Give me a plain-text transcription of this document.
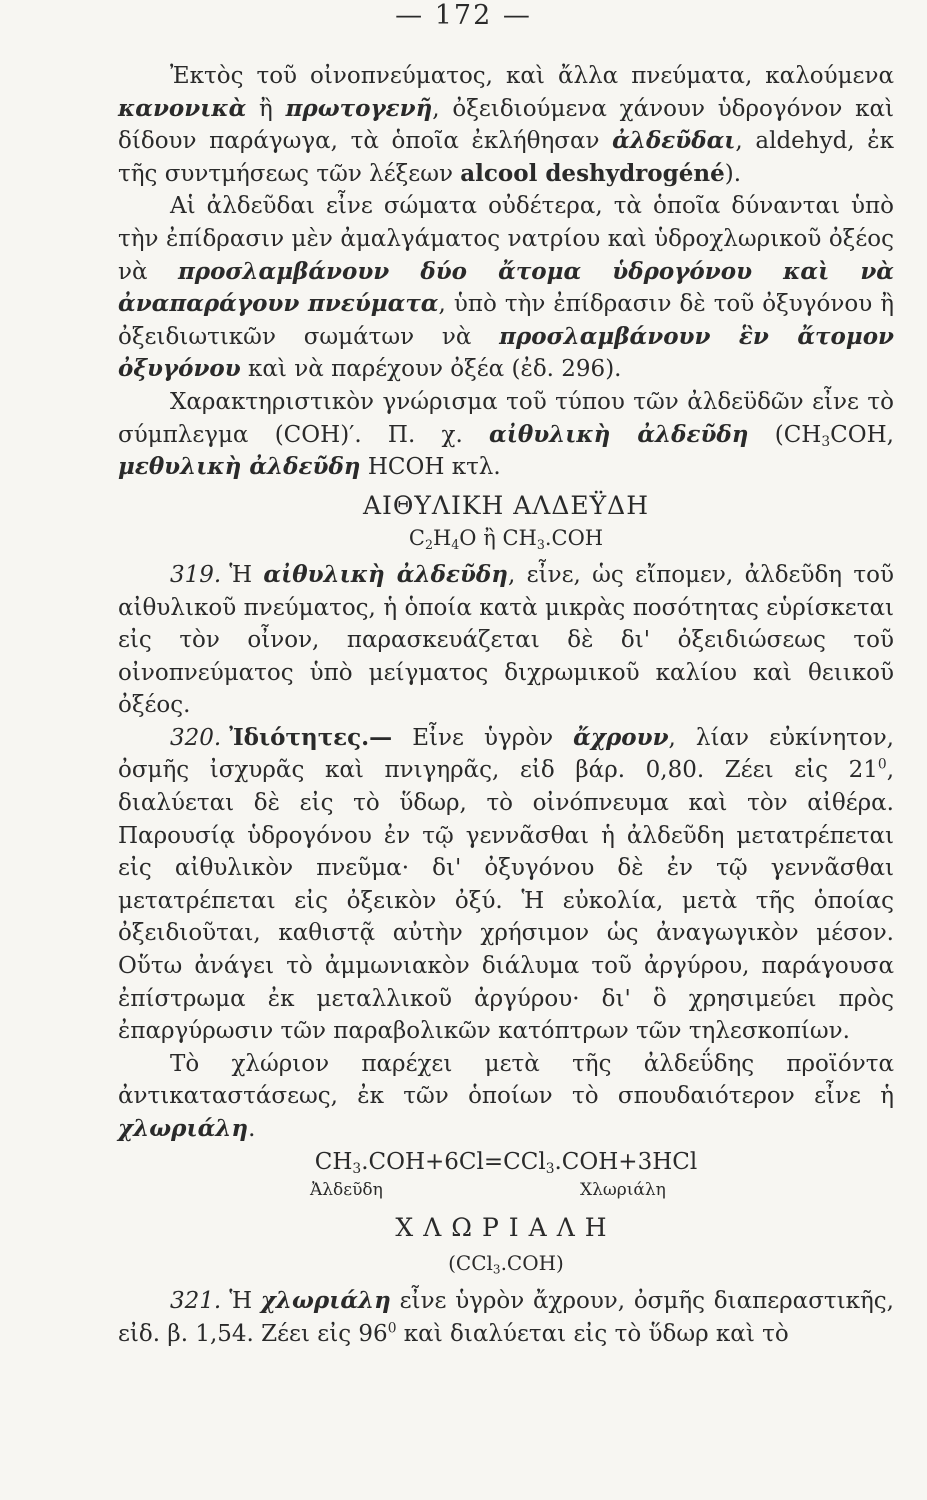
— 172 —

Ἐκτὸς τοῦ οἰνοπνεύματος, καὶ ἄλλα πνεύματα, καλούμενα κανονικὰ ἢ πρωτογενῆ, ὀξειδιούμενα χάνουν ὑδρογόνον καὶ δίδουν παράγωγα, τὰ ὁποῖα ἐκλήθησαν ἀλδεῦδαι, aldehyd, ἐκ τῆς συντμήσεως τῶν λέξεων alcool deshydrogéné).

Αἱ ἀλδεῦδαι εἶνε σώματα οὐδέτερα, τὰ ὁποῖα δύνανται ὑπὸ τὴν ἐπίδρασιν μὲν ἀμαλγάματος νατρίου καὶ ὑδροχλωρικοῦ ὀξέος νὰ προσλαμβάνουν δύο ἄτομα ὑδρογόνου καὶ νὰ ἀναπαράγουν πνεύματα, ὑπὸ τὴν ἐπίδρασιν δὲ τοῦ ὀξυγόνου ἢ ὀξειδιωτικῶν σωμάτων νὰ προσλαμβάνουν ἓν ἄτομον ὀξυγόνου καὶ νὰ παρέχουν ὀξέα (ἐδ. 296).

Χαρακτηριστικὸν γνώρισμα τοῦ τύπου τῶν ἀλδεϋδῶν εἶνε τὸ σύμπλεγμα (COH)′. Π. χ. αἰθυλικὴ ἀλδεῦδη ($CH_3COH$, μεθυλικὴ ἀλδεῦδη HCOH κτλ.

ΑΙΘΥΛΙΚΗ ΑΛΔΕΫΔΗ
$C_2H_4O$ ἢ $CH_3.COH$

319. Ἡ αἰθυλικὴ ἀλδεῦδη, εἶνε, ὡς εἴπομεν, ἀλδεῦδη τοῦ αἰθυλικοῦ πνεύματος, ἡ ὁποία κατὰ μικρὰς ποσότητας εὑρίσκεται εἰς τὸν οἶνον, παρασκευάζεται δὲ δι' ὀξειδιώσεως τοῦ οἰνοπνεύματος ὑπὸ μείγματος διχρωμικοῦ καλίου καὶ θειικοῦ ὀξέος.

320. Ἰδιότητες.— Εἶνε ὑγρὸν ἄχρουν, λίαν εὐκίνητον, ὀσμῆς ἰσχυρᾶς καὶ πνιγηρᾶς, εἰδ βάρ. 0,80. Ζέει εἰς $21^0$, διαλύεται δὲ εἰς τὸ ὕδωρ, τὸ οἰνόπνευμα καὶ τὸν αἰθέρα. Παρουσίᾳ ὑδρογόνου ἐν τῷ γεννᾶσθαι ἡ ἀλδεῦδη μετατρέπεται εἰς αἰθυλικὸν πνεῦμα· δι' ὀξυγόνου δὲ ἐν τῷ γεννᾶσθαι μετατρέπεται εἰς ὀξεικὸν ὀξύ. Ἡ εὐκολία, μετὰ τῆς ὁποίας ὀξειδιοῦται, καθιστᾷ αὐτὴν χρήσιμον ὡς ἀναγωγικὸν μέσον. Οὕτω ἀνάγει τὸ ἀμμωνιακὸν διάλυμα τοῦ ἀργύρου, παράγουσα ἐπίστρωμα ἐκ μεταλλικοῦ ἀργύρου· δι' ὃ χρησιμεύει πρὸς ἐπαργύρωσιν τῶν παραβολικῶν κατόπτρων τῶν τηλεσκοπίων.

Τὸ χλώριον παρέχει μετὰ τῆς ἀλδεΰδης προϊόντα ἀντικαταστάσεως, ἐκ τῶν ὁποίων τὸ σπουδαιότερον εἶνε ἡ χλωριάλη.

$CH_3.COH+6Cl=CCl_3.COH+3HCl$
Ἀλδεῦδη	Χλωριάλη
ΧΛΩΡΙΑΛΗ
(CCl$_3$.COH)

321. Ἡ χλωριάλη εἶνε ὑγρὸν ἄχρουν, ὀσμῆς διαπεραστικῆς, εἰδ. β. 1,54. Ζέει εἰς $96^0$ καὶ διαλύεται εἰς τὸ ὕδωρ καὶ τὸ
